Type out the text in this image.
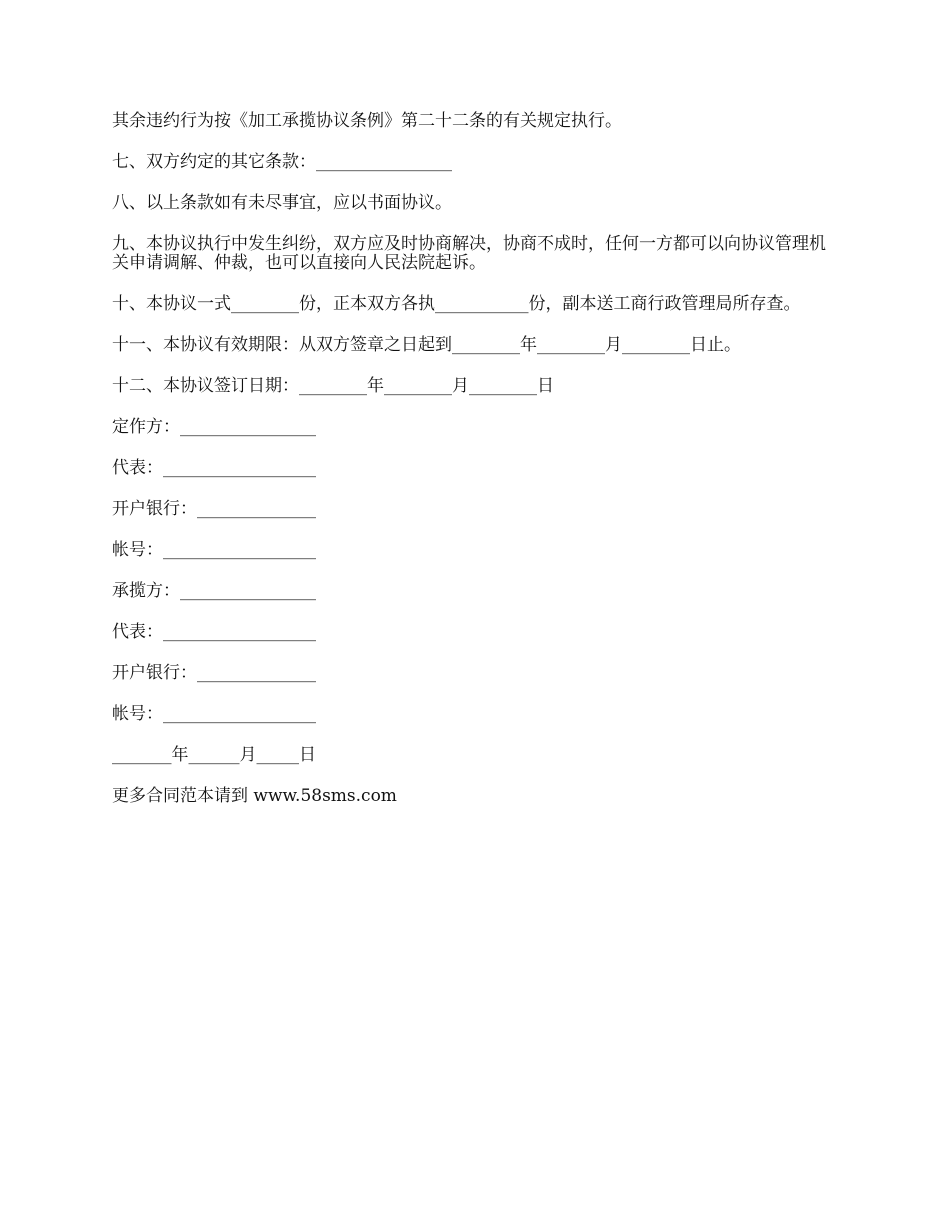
其余违约行为按《加工承揽协议条例》第二十二条的有关规定执行。

七、双方约定的其它条款：________________

八、以上条款如有未尽事宜，应以书面协议。

九、本协议执行中发生纠纷，双方应及时协商解决，协商不成时，任何一方都可以向协议管理机关申请调解、仲裁，也可以直接向人民法院起诉。

十、本协议一式________份，正本双方各执___________份，副本送工商行政管理局所存查。

十一、本协议有效期限：从双方签章之日起到________年________月________日止。

十二、本协议签订日期：________年________月________日

定作方：________________

代表：__________________

开户银行：______________

帐号：__________________

承揽方：________________

代表：__________________

开户银行：______________

帐号：__________________

_______年______月_____日

更多合同范本请到 www.58sms.com
